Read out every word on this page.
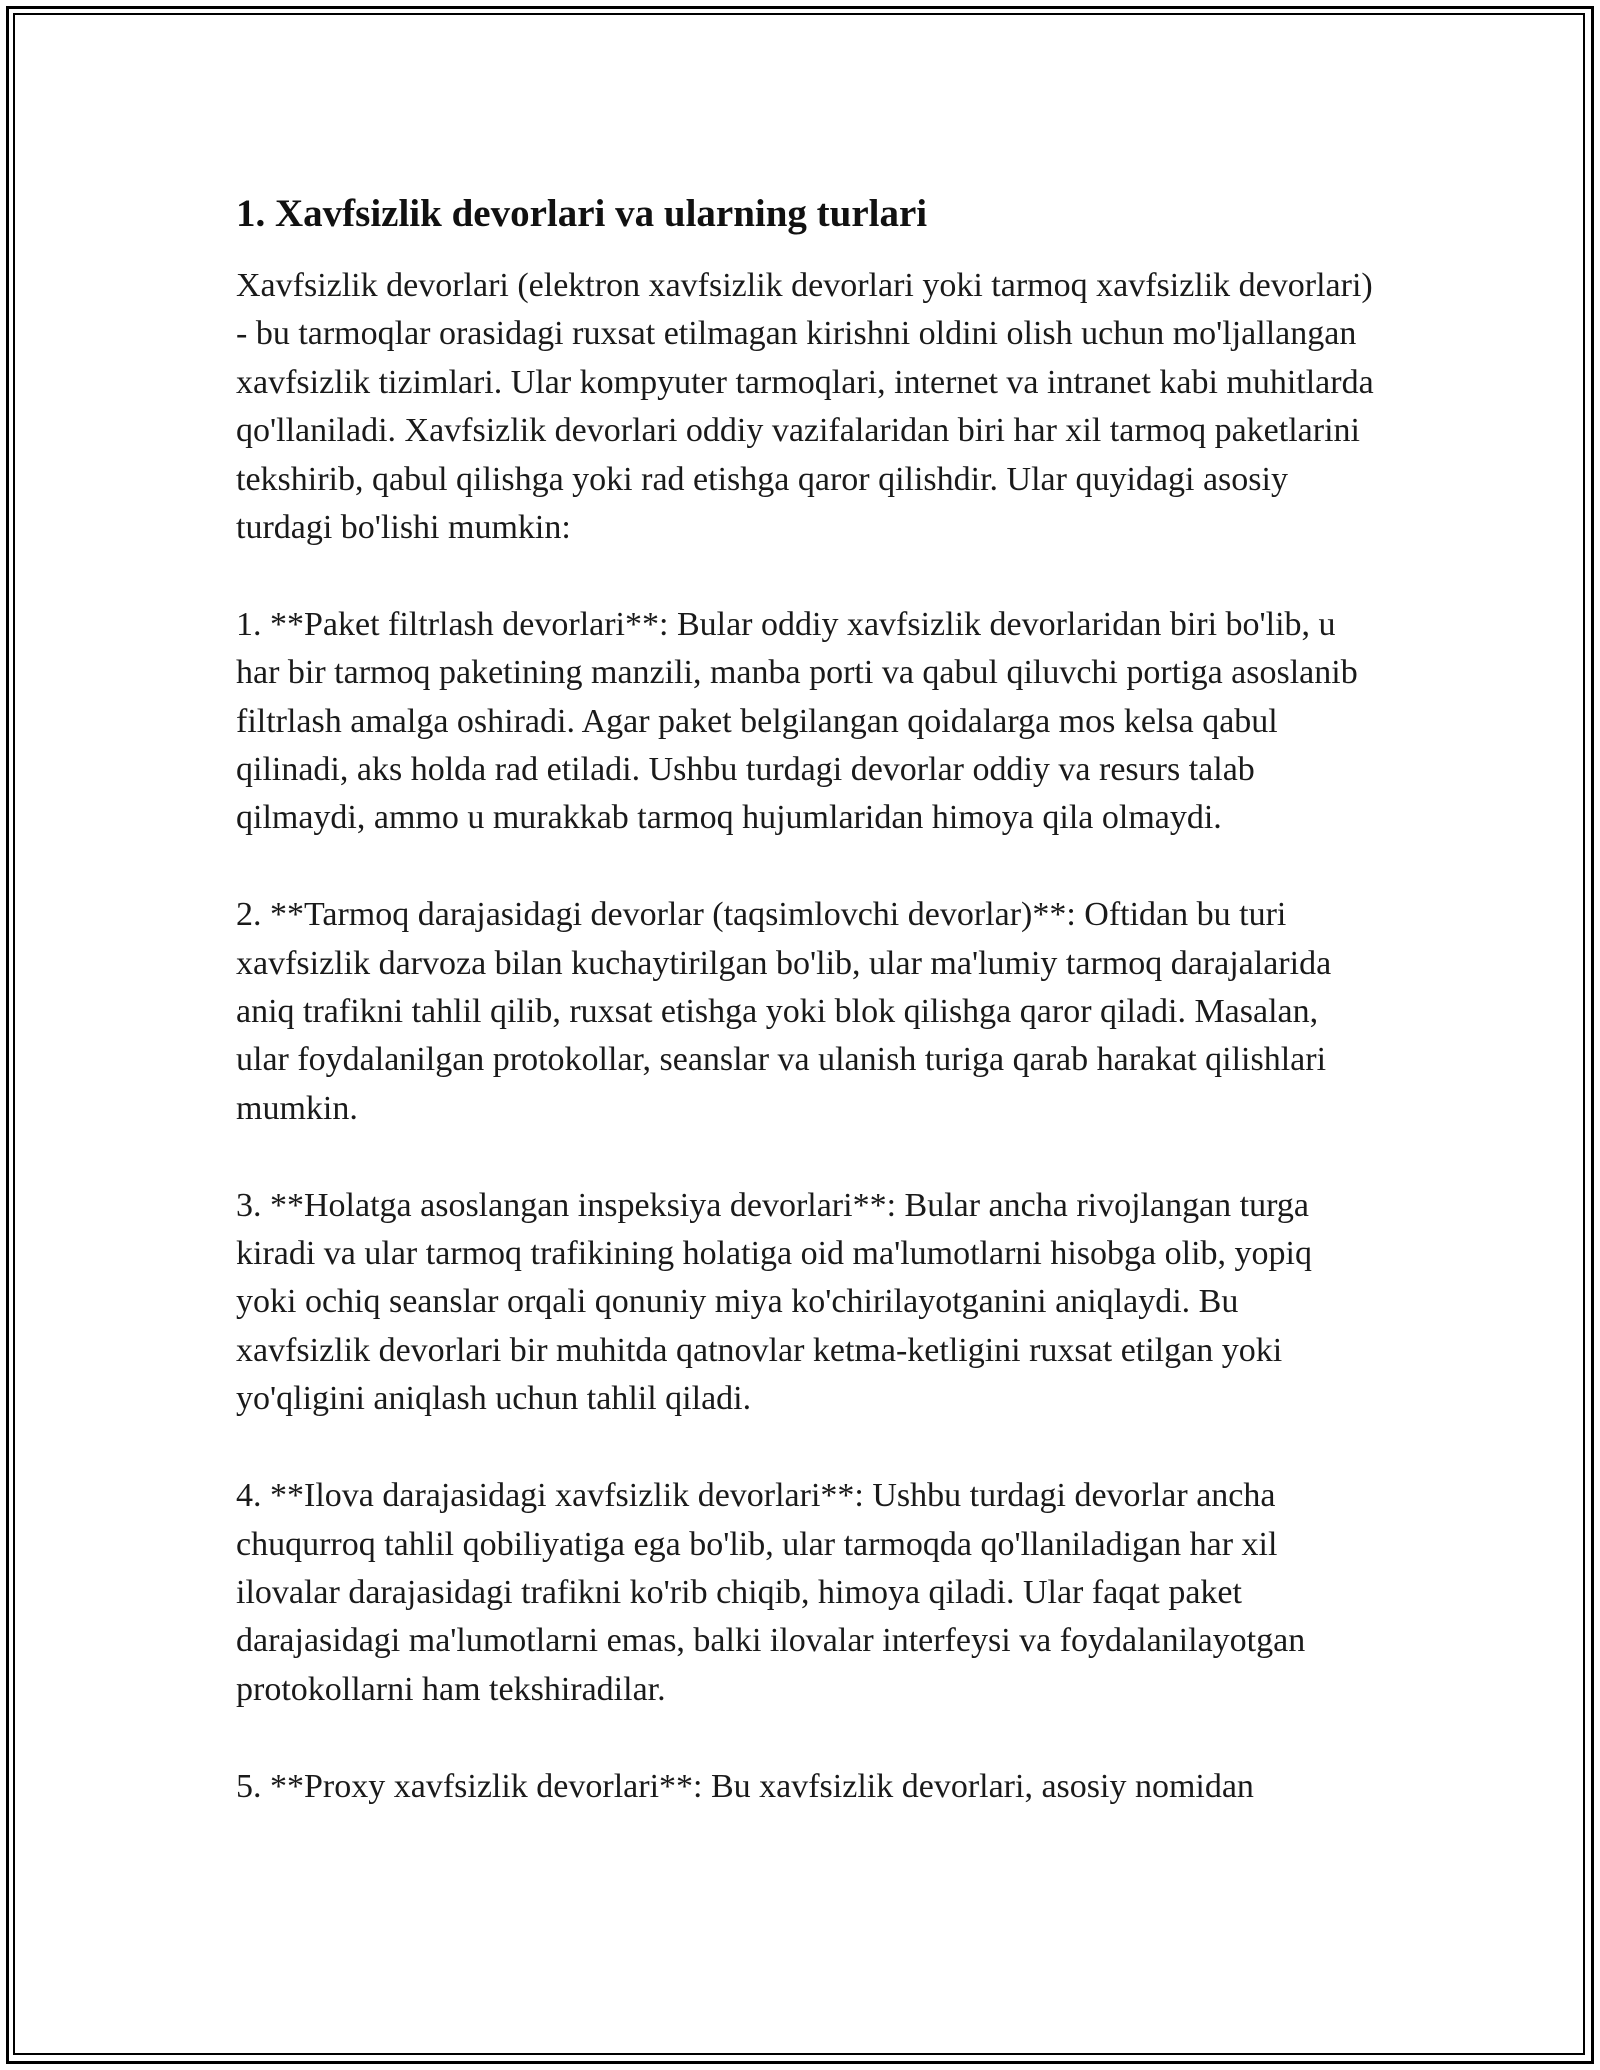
1. Xavfsizlik devorlari va ularning turlari

Xavfsizlik devorlari (elektron xavfsizlik devorlari yoki tarmoq xavfsizlik devorlari) - bu tarmoqlar orasidagi ruxsat etilmagan kirishni oldini olish uchun mo'ljallangan xavfsizlik tizimlari. Ular kompyuter tarmoqlari, internet va intranet kabi muhitlarda qo'llaniladi. Xavfsizlik devorlari oddiy vazifalaridan biri har xil tarmoq paketlarini tekshirib, qabul qilishga yoki rad etishga qaror qilishdir. Ular quyidagi asosiy turdagi bo'lishi mumkin:

1. **Paket filtrlash devorlari**: Bular oddiy xavfsizlik devorlaridan biri bo'lib, u har bir tarmoq paketining manzili, manba porti va qabul qiluvchi portiga asoslanib filtrlash amalga oshiradi. Agar paket belgilangan qoidalarga mos kelsa qabul qilinadi, aks holda rad etiladi. Ushbu turdagi devorlar oddiy va resurs talab qilmaydi, ammo u murakkab tarmoq hujumlaridan himoya qila olmaydi.

2. **Tarmoq darajasidagi devorlar (taqsimlovchi devorlar)**: Oftidan bu turi xavfsizlik darvoza bilan kuchaytirilgan bo'lib, ular ma'lumiy tarmoq darajalarida aniq trafikni tahlil qilib, ruxsat etishga yoki blok qilishga qaror qiladi. Masalan, ular foydalanilgan protokollar, seanslar va ulanish turiga qarab harakat qilishlari mumkin.

3. **Holatga asoslangan inspeksiya devorlari**: Bular ancha rivojlangan turga kiradi va ular tarmoq trafikining holatiga oid ma'lumotlarni hisobga olib, yopiq yoki ochiq seanslar orqali qonuniy miya ko'chirilayotganini aniqlaydi. Bu xavfsizlik devorlari bir muhitda qatnovlar ketma-ketligini ruxsat etilgan yoki yo'qligini aniqlash uchun tahlil qiladi.

4. **Ilova darajasidagi xavfsizlik devorlari**: Ushbu turdagi devorlar ancha chuqurroq tahlil qobiliyatiga ega bo'lib, ular tarmoqda qo'llaniladigan har xil ilovalar darajasidagi trafikni ko'rib chiqib, himoya qiladi. Ular faqat paket darajasidagi ma'lumotlarni emas, balki ilovalar interfeysi va foydalanilayotgan protokollarni ham tekshiradilar.

5. **Proxy xavfsizlik devorlari**: Bu xavfsizlik devorlari, asosiy nomidan
